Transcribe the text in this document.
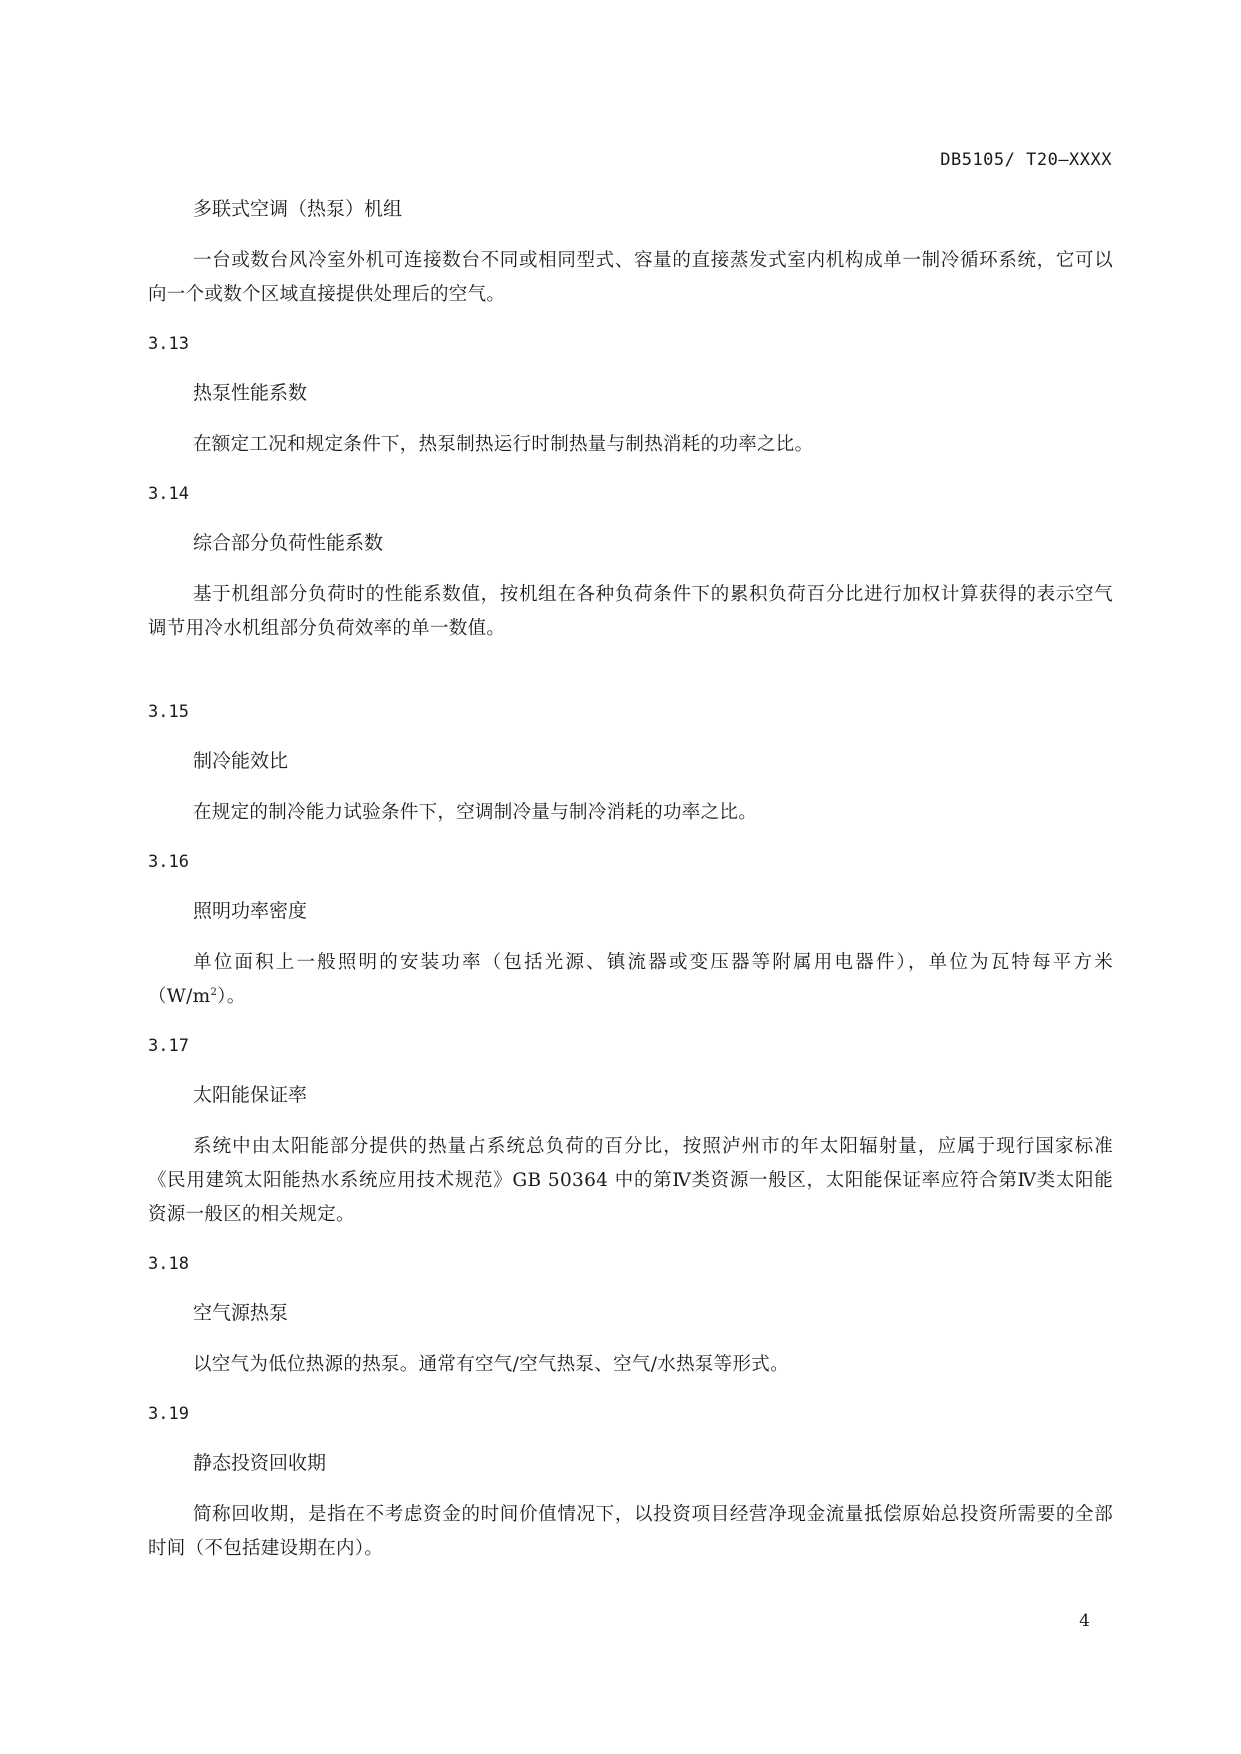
DB5105/ T20—XXXX
多联式空调（热泵）机组

一台或数台风冷室外机可连接数台不同或相同型式、容量的直接蒸发式室内机构成单一制冷循环系统，它可以向一个或数个区域直接提供处理后的空气。

3.13
热泵性能系数

在额定工况和规定条件下，热泵制热运行时制热量与制热消耗的功率之比。

3.14
综合部分负荷性能系数

基于机组部分负荷时的性能系数值，按机组在各种负荷条件下的累积负荷百分比进行加权计算获得的表示空气调节用冷水机组部分负荷效率的单一数值。

3.15
制冷能效比

在规定的制冷能力试验条件下，空调制冷量与制冷消耗的功率之比。

3.16
照明功率密度

单位面积上一般照明的安装功率（包括光源、镇流器或变压器等附属用电器件），单位为瓦特每平方米$(W/m^2)$。

3.17
太阳能保证率

系统中由太阳能部分提供的热量占系统总负荷的百分比，按照泸州市的年太阳辐射量，应属于现行国家标准《民用建筑太阳能热水系统应用技术规范》GB 50364 中的第Ⅳ类资源一般区，太阳能保证率应符合第Ⅳ类太阳能资源一般区的相关规定。

3.18
空气源热泵

以空气为低位热源的热泵。通常有空气/空气热泵、空气/水热泵等形式。

3.19
静态投资回收期

简称回收期，是指在不考虑资金的时间价值情况下，以投资项目经营净现金流量抵偿原始总投资所需要的全部时间（不包括建设期在内）。

4
